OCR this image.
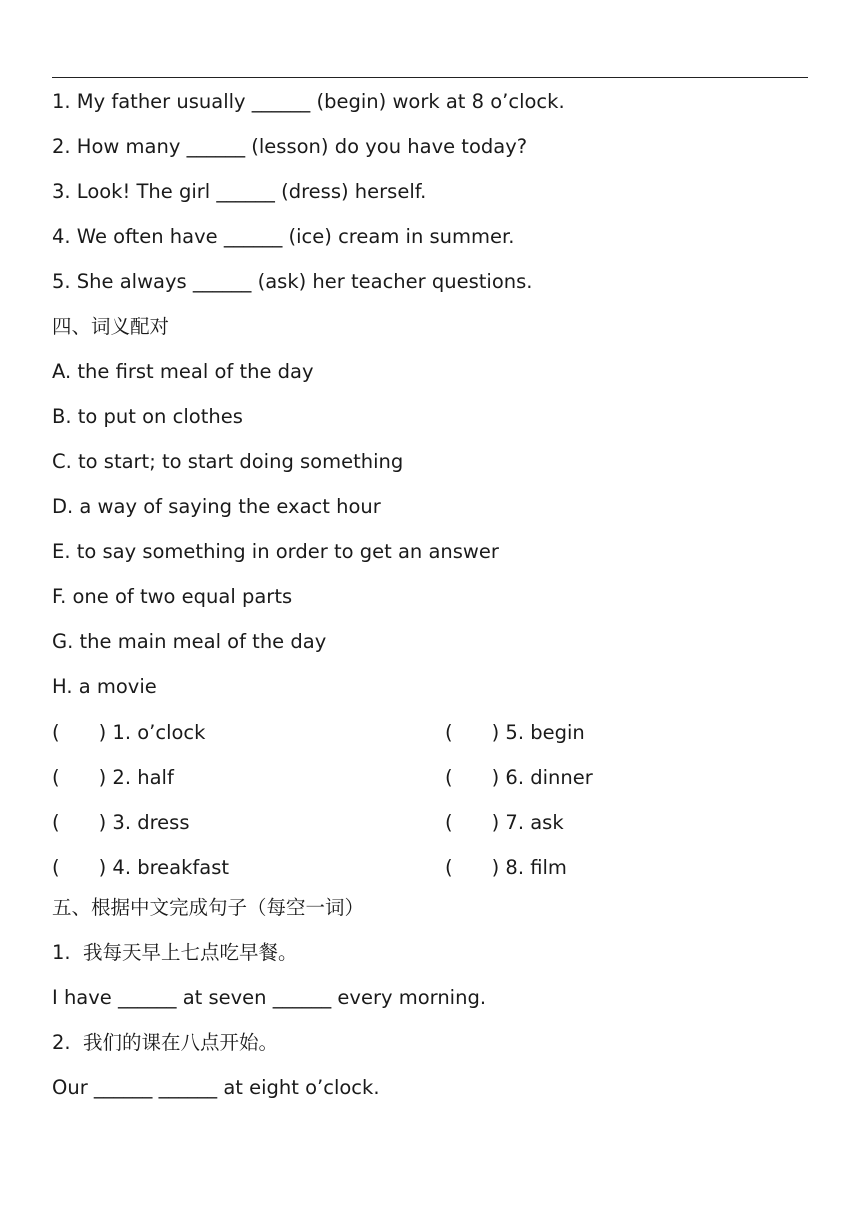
1. My father usually ______ (begin) work at 8 o’clock.
2. How many ______ (lesson) do you have today?
3. Look! The girl ______ (dress) herself.
4. We often have ______ (ice) cream in summer.
5. She always ______ (ask) her teacher questions.
四、词义配对
A. the first meal of the day
B. to put on clothes
C. to start; to start doing something
D. a way of saying the exact hour
E. to say something in order to get an answer
F. one of two equal parts
G. the main meal of the day
H. a movie
(　　) 1. o’clock
(　　) 2. half
(　　) 3. dress
(　　) 4. breakfast
(　　) 5. begin
(　　) 6. dinner
(　　) 7. ask
(　　) 8. film
五、根据中文完成句子（每空一词）
1.  我每天早上七点吃早餐。
I have ______ at seven ______ every morning.
2.  我们的课在八点开始。
Our ______ ______ at eight o’clock.
